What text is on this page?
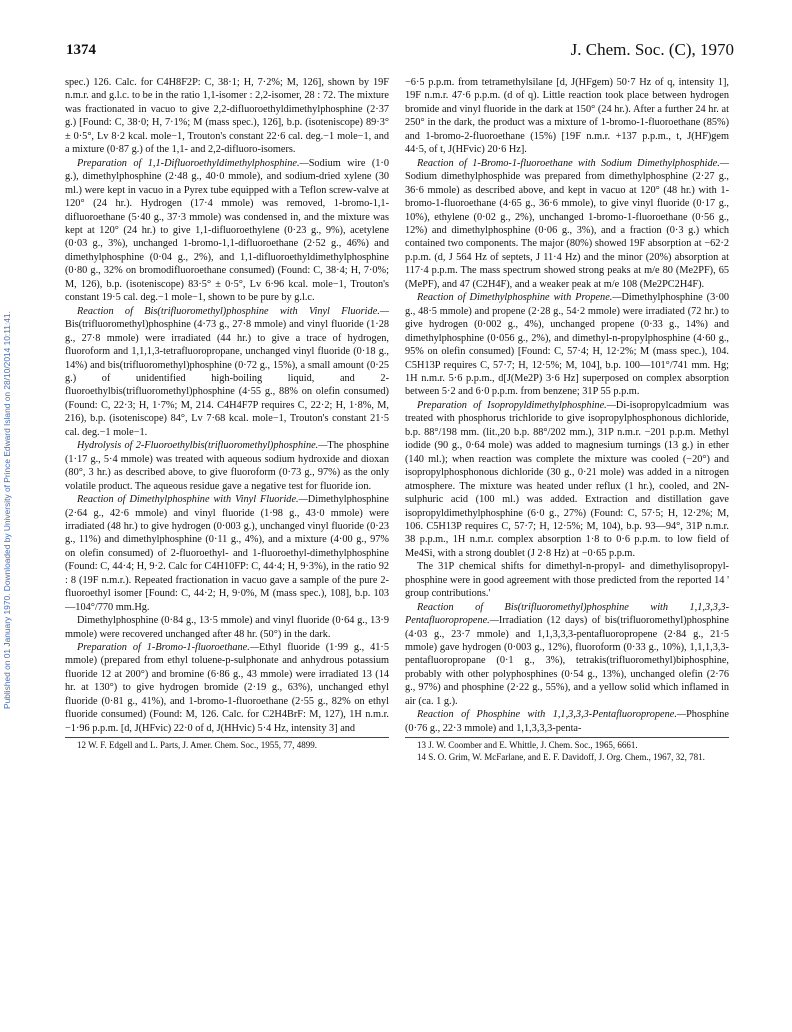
1374	J. Chem. Soc. (C), 1970
Published on 01 January 1970. Downloaded by University of Prince Edward Island on 28/10/2014 10:11:41.

spec.) 126. Calc. for C4H8F2P: C, 38·1; H, 7·2%; M, 126], shown by 19F n.m.r. and g.l.c. to be in the ratio 1,1-isomer : 2,2-isomer, 28 : 72. The mixture was fractionated in vacuo to give 2,2-difluoroethyldimethylphosphine (2·37 g.) [Found: C, 38·0; H, 7·1%; M (mass spec.), 126], b.p. (isoteniscope) 89·3° ± 0·5°, Lv 8·2 kcal. mole−1, Trouton's constant 22·6 cal. deg.−1 mole−1, and a mixture (0·87 g.) of the 1,1- and 2,2-difluoro-isomers.

Preparation of 1,1-Difluoroethyldimethylphosphine.—Sodium wire (1·0 g.), dimethylphosphine (2·48 g., 40·0 mmole), and sodium-dried xylene (30 ml.) were kept in vacuo in a Pyrex tube equipped with a Teflon screw-valve at 120° (24 hr.). Hydrogen (17·4 mmole) was removed, 1-bromo-1,1-difluoroethane (5·40 g., 37·3 mmole) was condensed in, and the mixture was kept at 120° (24 hr.) to give 1,1-difluoroethylene (0·23 g., 9%), acetylene (0·03 g., 3%), unchanged 1-bromo-1,1-difluoroethane (2·52 g., 46%) and dimethylphosphine (0·04 g., 2%), and 1,1-difluoroethyldimethylphosphine (0·80 g., 32% on bromodifluoroethane consumed) (Found: C, 38·4; H, 7·0%; M, 126), b.p. (isoteniscope) 83·5° ± 0·5°, Lv 6·96 kcal. mole−1, Trouton's constant 19·5 cal. deg.−1 mole−1, shown to be pure by g.l.c.

Reaction of Bis(trifluoromethyl)phosphine with Vinyl Fluoride.—Bis(trifluoromethyl)phosphine (4·73 g., 27·8 mmole) and vinyl fluoride (1·28 g., 27·8 mmole) were irradiated (44 hr.) to give a trace of hydrogen, fluoroform and 1,1,1,3-tetrafluoropropane, unchanged vinyl fluoride (0·18 g., 14%) and bis(trifluoromethyl)phosphine (0·72 g., 15%), a small amount (0·25 g.) of unidentified high-boiling liquid, and 2-fluoroethylbis(trifluoromethyl)phosphine (4·55 g., 88% on olefin consumed) (Found: C, 22·3; H, 1·7%; M, 214. C4H4F7P requires C, 22·2; H, 1·8%, M, 216), b.p. (isoteniscope) 84°, Lv 7·68 kcal. mole−1, Trouton's constant 21·5 cal. deg.−1 mole−1.

Hydrolysis of 2-Fluoroethylbis(trifluoromethyl)phosphine.—The phosphine (1·17 g., 5·4 mmole) was treated with aqueous sodium hydroxide and dioxan (80°, 3 hr.) as described above, to give fluoroform (0·73 g., 97%) as the only volatile product. The aqueous residue gave a negative test for fluoride ion.

Reaction of Dimethylphosphine with Vinyl Fluoride.—Dimethylphosphine (2·64 g., 42·6 mmole) and vinyl fluoride (1·98 g., 43·0 mmole) were irradiated (48 hr.) to give hydrogen (0·003 g.), unchanged vinyl fluoride (0·23 g., 11%) and dimethylphosphine (0·11 g., 4%), and a mixture (4·00 g., 97% on olefin consumed) of 2-fluoroethyl- and 1-fluoroethyl-dimethylphosphine (Found: C, 44·4; H, 9·2. Calc for C4H10FP: C, 44·4; H, 9·3%), in the ratio 92 : 8 (19F n.m.r.). Repeated fractionation in vacuo gave a sample of the pure 2-fluoroethyl isomer [Found: C, 44·2; H, 9·0%, M (mass spec.), 108], b.p. 103—104°/770 mm.Hg.

Dimethylphosphine (0·84 g., 13·5 mmole) and vinyl fluoride (0·64 g., 13·9 mmole) were recovered unchanged after 48 hr. (50°) in the dark.

Preparation of 1-Bromo-1-fluoroethane.—Ethyl fluoride (1·99 g., 41·5 mmole) (prepared from ethyl toluene-p-sulphonate and anhydrous potassium fluoride 12 at 200°) and bromine (6·86 g., 43 mmole) were irradiated 13 (14 hr. at 130°) to give hydrogen bromide (2·19 g., 63%), unchanged ethyl fluoride (0·81 g., 41%), and 1-bromo-1-fluoroethane (2·55 g., 82% on ethyl fluoride consumed) (Found: M, 126. Calc. for C2H4BrF: M, 127), 1H n.m.r. −1·96 p.p.m. [d, J(HFvic) 22·0 of d, J(HHvic) 5·4 Hz, intensity 3] and

12 W. F. Edgell and L. Parts, J. Amer. Chem. Soc., 1955, 77, 4899.

−6·5 p.p.m. from tetramethylsilane [d, J(HFgem) 50·7 Hz of q, intensity 1], 19F n.m.r. 47·6 p.p.m. (d of q). Little reaction took place between hydrogen bromide and vinyl fluoride in the dark at 150° (24 hr.). After a further 24 hr. at 250° in the dark, the product was a mixture of 1-bromo-1-fluoroethane (85%) and 1-bromo-2-fluoroethane (15%) [19F n.m.r. +137 p.p.m., t, J(HF)gem 44·5, of t, J(HFvic) 20·6 Hz].

Reaction of 1-Bromo-1-fluoroethane with Sodium Dimethylphosphide.—Sodium dimethylphosphide was prepared from dimethylphosphine (2·27 g., 36·6 mmole) as described above, and kept in vacuo at 120° (48 hr.) with 1-bromo-1-fluoroethane (4·65 g., 36·6 mmole), to give vinyl fluoride (0·17 g., 10%), ethylene (0·02 g., 2%), unchanged 1-bromo-1-fluoroethane (0·56 g., 12%) and dimethylphosphine (0·06 g., 3%), and a fraction (0·3 g.) which contained two components. The major (80%) showed 19F absorption at −62·2 p.p.m. (d, J 564 Hz of septets, J 11·4 Hz) and the minor (20%) absorption at 117·4 p.p.m. The mass spectrum showed strong peaks at m/e 80 (Me2PF), 65 (MePF), and 47 (C2H4F), and a weaker peak at m/e 108 (Me2PC2H4F).

Reaction of Dimethylphosphine with Propene.—Dimethylphosphine (3·00 g., 48·5 mmole) and propene (2·28 g., 54·2 mmole) were irradiated (72 hr.) to give hydrogen (0·002 g., 4%), unchanged propene (0·33 g., 14%) and dimethylphosphine (0·056 g., 2%), and dimethyl-n-propylphosphine (4·60 g., 95% on olefin consumed) [Found: C, 57·4; H, 12·2%; M (mass spec.), 104. C5H13P requires C, 57·7; H, 12·5%; M, 104], b.p. 100—101°/741 mm. Hg; 1H n.m.r. 5·6 p.p.m., d[J(Me2P) 3·6 Hz] superposed on complex absorption between 5·2 and 6·0 p.p.m. from benzene; 31P 55 p.p.m.

Preparation of Isopropyldimethylphosphine.—Di-isopropylcadmium was treated with phosphorus trichloride to give isopropylphosphonous dichloride, b.p. 88°/198 mm. (lit.,20 b.p. 88°/202 mm.), 31P n.m.r. −201 p.p.m. Methyl iodide (90 g., 0·64 mole) was added to magnesium turnings (13 g.) in ether (140 ml.); when reaction was complete the mixture was cooled (−20°) and isopropylphosphonous dichloride (30 g., 0·21 mole) was added in a nitrogen atmosphere. The mixture was heated under reflux (1 hr.), cooled, and 2N-sulphuric acid (100 ml.) was added. Extraction and distillation gave isopropyldimethylphosphine (6·0 g., 27%) (Found: C, 57·5; H, 12·2%; M, 106. C5H13P requires C, 57·7; H, 12·5%; M, 104), b.p. 93—94°, 31P n.m.r. 38 p.p.m., 1H n.m.r. complex absorption 1·8 to 0·6 p.p.m. to low field of Me4Si, with a strong doublet (J 2·8 Hz) at −0·65 p.p.m.

The 31P chemical shifts for dimethyl-n-propyl- and dimethylisopropyl-phosphine were in good agreement with those predicted from the reported 14 ' group contributions.'

Reaction of Bis(trifluoromethyl)phosphine with 1,1,3,3,3-Pentafluoropropene.—Irradiation (12 days) of bis(trifluoromethyl)phosphine (4·03 g., 23·7 mmole) and 1,1,3,3,3-pentafluoropropene (2·84 g., 21·5 mmole) gave hydrogen (0·003 g., 12%), fluoroform (0·33 g., 10%), 1,1,1,3,3-pentafluoropropane (0·1 g., 3%), tetrakis(trifluoromethyl)biphosphine, probably with other polyphosphines (0·54 g., 13%), unchanged olefin (2·76 g., 97%) and phosphine (2·22 g., 55%), and a yellow solid which inflamed in air (ca. 1 g.).

Reaction of Phosphine with 1,1,3,3,3-Pentafluoropropene.—Phosphine (0·76 g., 22·3 mmole) and 1,1,3,3,3-penta-

13 J. W. Coomber and E. Whittle, J. Chem. Soc., 1965, 6661.
14 S. O. Grim, W. McFarlane, and E. F. Davidoff, J. Org. Chem., 1967, 32, 781.
